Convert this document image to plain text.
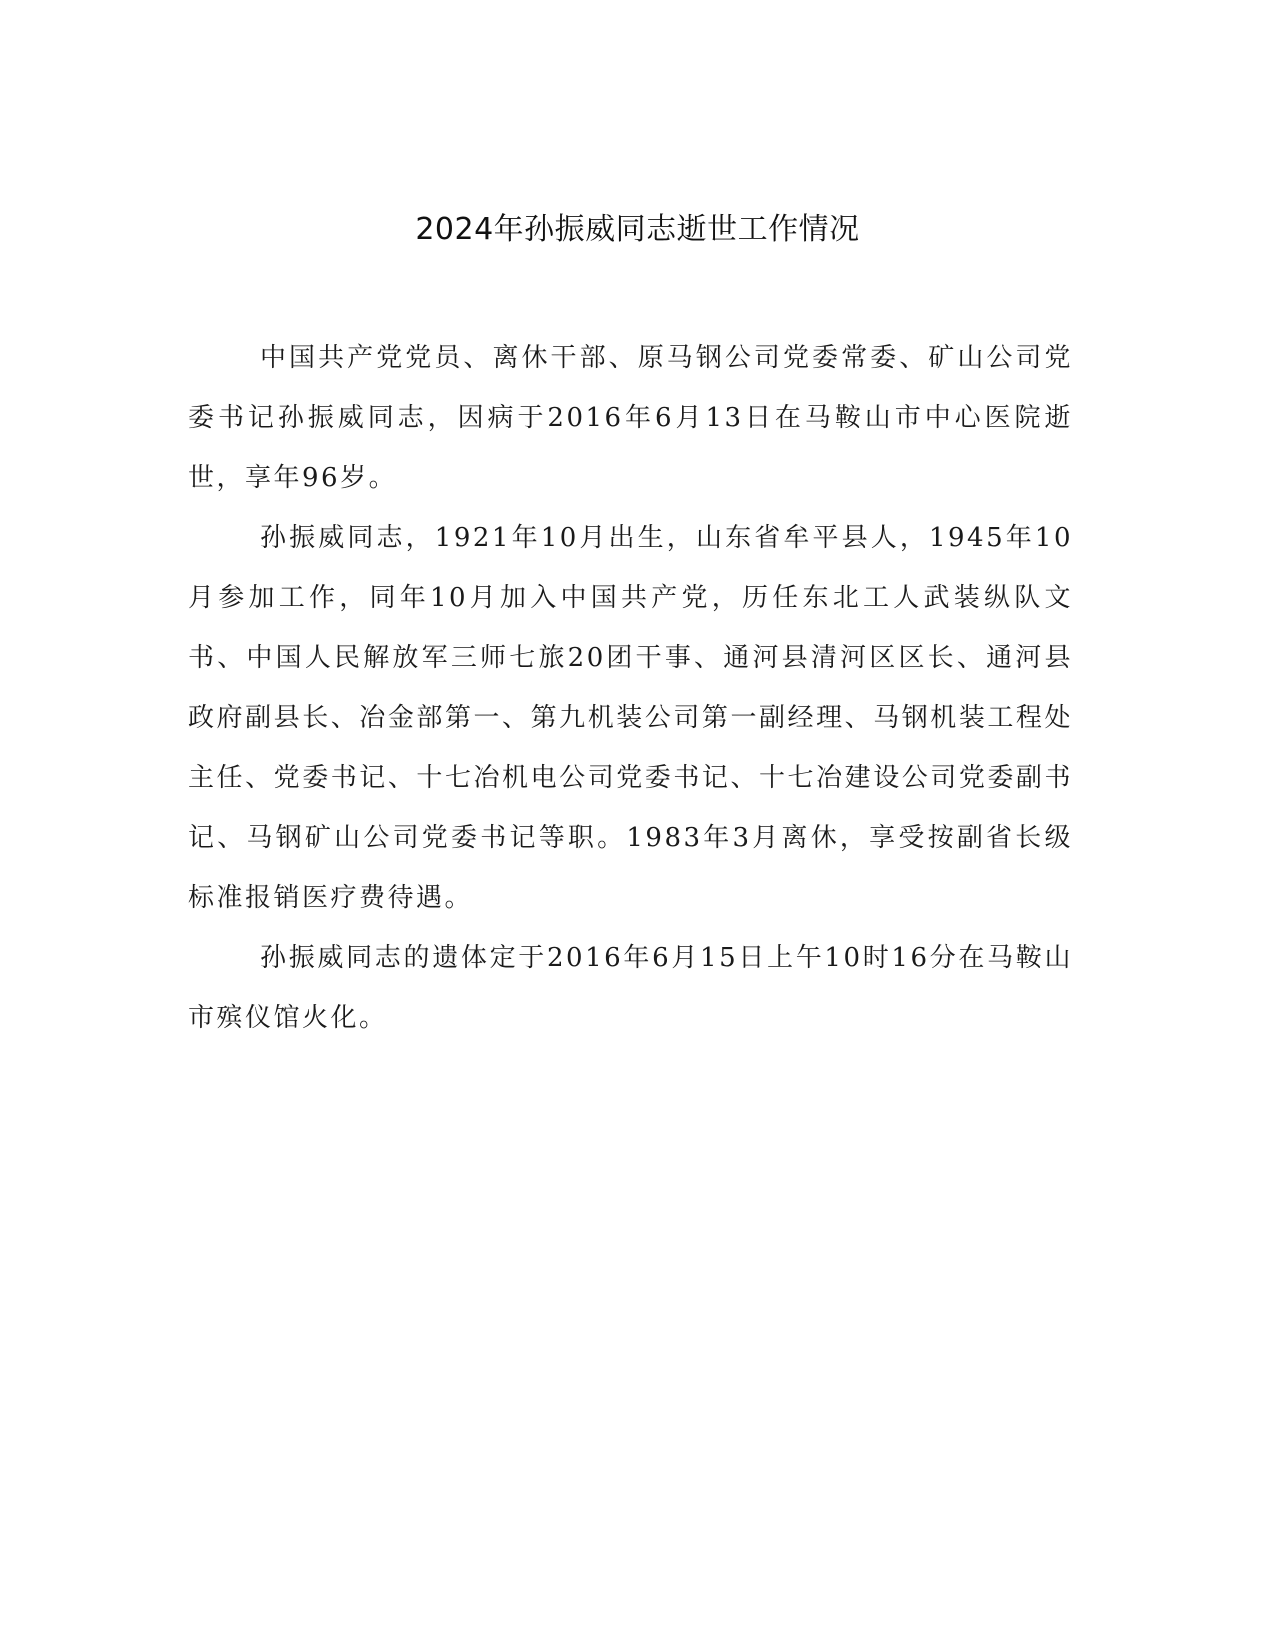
2024年孙振威同志逝世工作情况

中国共产党党员、离休干部、原马钢公司党委常委、矿山公司党委书记孙振威同志，因病于2016年6月13日在马鞍山市中心医院逝世，享年96岁。

孙振威同志，1921年10月出生，山东省牟平县人，1945年10月参加工作，同年10月加入中国共产党，历任东北工人武装纵队文书、中国人民解放军三师七旅20团干事、通河县清河区区长、通河县政府副县长、冶金部第一、第九机装公司第一副经理、马钢机装工程处主任、党委书记、十七冶机电公司党委书记、十七冶建设公司党委副书记、马钢矿山公司党委书记等职。1983年3月离休，享受按副省长级标准报销医疗费待遇。

孙振威同志的遗体定于2016年6月15日上午10时16分在马鞍山市殡仪馆火化。
